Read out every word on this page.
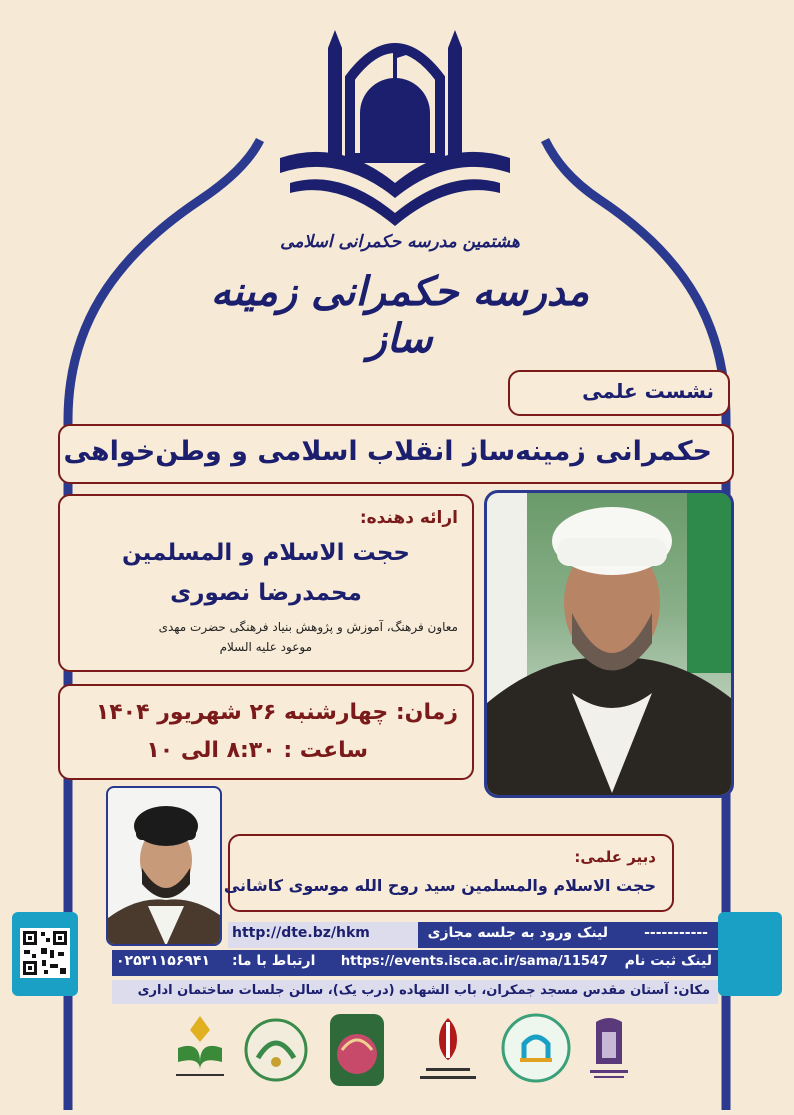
هشتمین مدرسه حکمرانی اسلامی
مدرسه حکمرانی زمینه ساز
نشست علمی
حکمرانی زمینه‌ساز انقلاب اسلامی و وطن‌خواهی
ارائه دهنده:
حجت الاسلام و المسلمین
محمدرضا نصوری
معاون فرهنگ، آموزش و پژوهش بنیاد فرهنگی حضرت مهدی
موعود علیه السلام
زمان: چهارشنبه ۲۶ شهریور ۱۴۰۴
ساعت : ۸:۳۰ الی ۱۰
دبیر علمی:
حجت الاسلام والمسلمین سید روح الله موسوی کاشانی
-----------
لینک ورود به جلسه مجازی
http://dte.bz/hkm
لینک ثبت نام
https://events.isca.ac.ir/sama/11547
ارتباط با ما:
۰۲۵۳۱۱۵۶۹۴۱
مکان: آستان مقدس مسجد جمکران، باب الشهاده (درب یک)، سالن جلسات ساختمان اداری
